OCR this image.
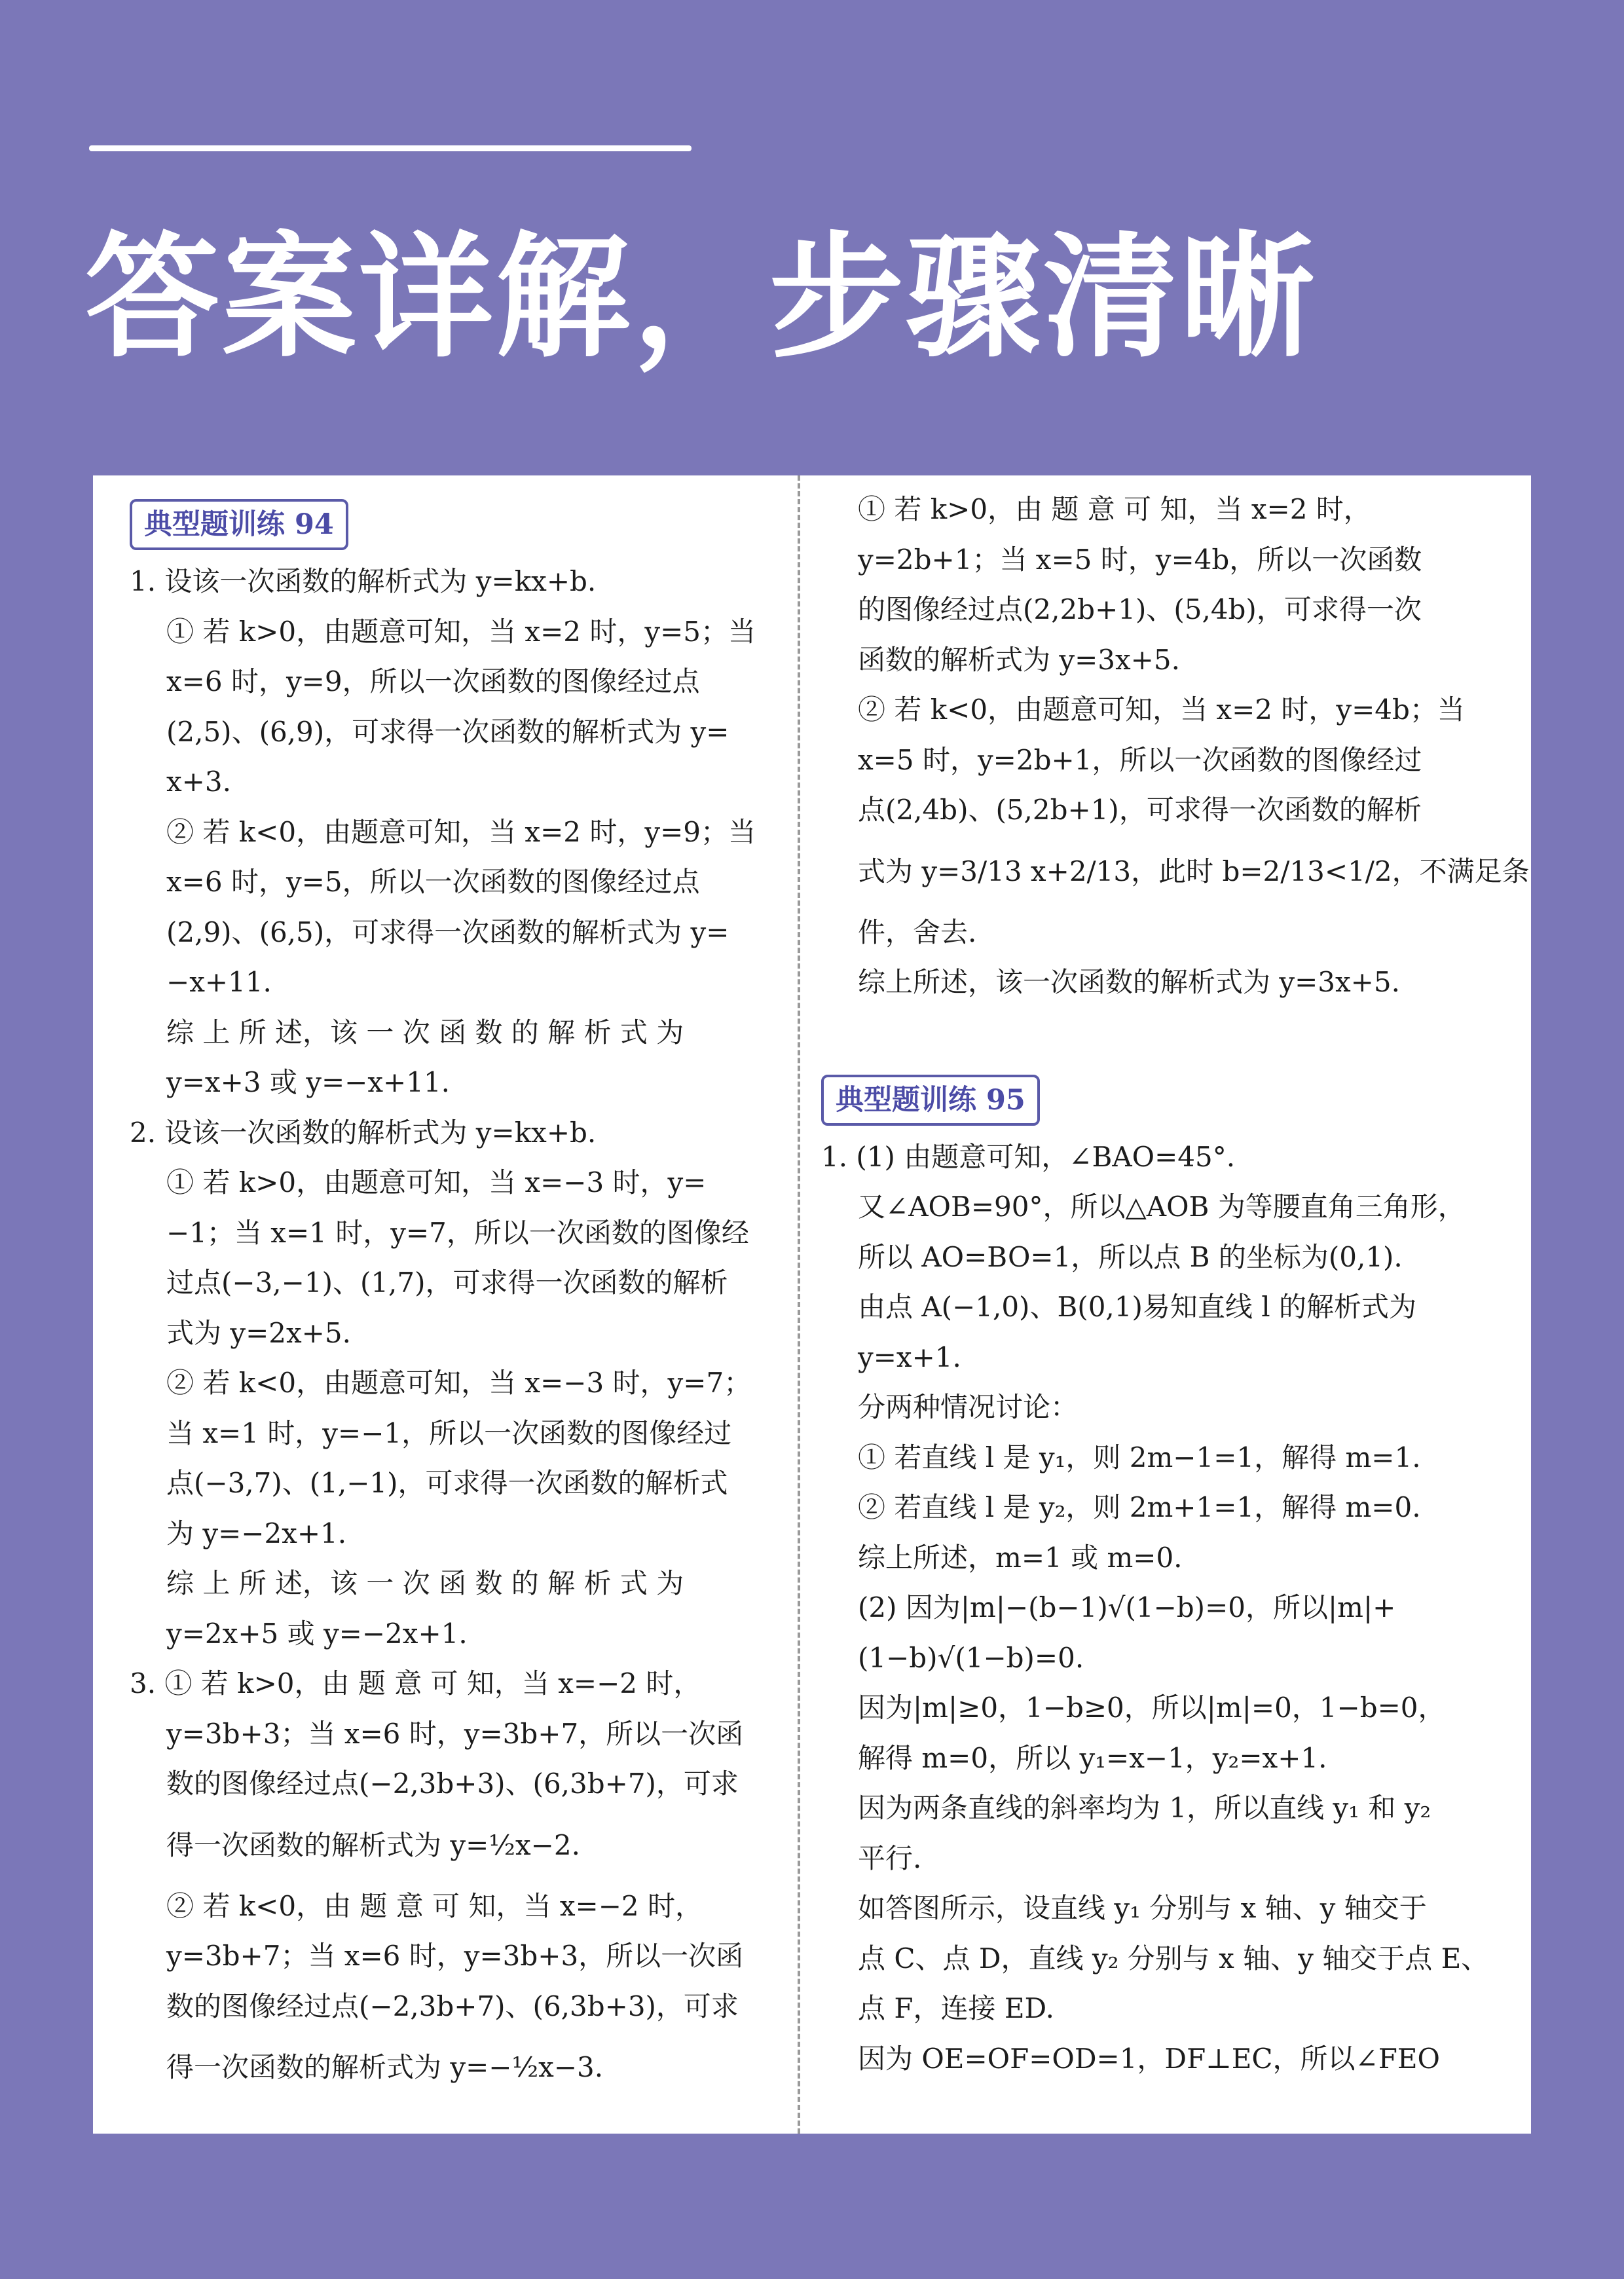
答案详解，步骤清晰
典型题训练 94

1. 设该一次函数的解析式为 y=kx+b.

① 若 k>0，由题意可知，当 x=2 时，y=5；当

x=6 时，y=9，所以一次函数的图像经过点

(2,5)、(6,9)，可求得一次函数的解析式为 y=

x+3.

② 若 k<0，由题意可知，当 x=2 时，y=9；当

x=6 时，y=5，所以一次函数的图像经过点

(2,9)、(6,5)，可求得一次函数的解析式为 y=

−x+11.

综 上 所 述，该 一 次 函 数 的 解 析 式 为

y=x+3 或 y=−x+11.

2. 设该一次函数的解析式为 y=kx+b.

① 若 k>0，由题意可知，当 x=−3 时，y=

−1；当 x=1 时，y=7，所以一次函数的图像经

过点(−3,−1)、(1,7)，可求得一次函数的解析

式为 y=2x+5.

② 若 k<0，由题意可知，当 x=−3 时，y=7；

当 x=1 时，y=−1，所以一次函数的图像经过

点(−3,7)、(1,−1)，可求得一次函数的解析式

为 y=−2x+1.

综 上 所 述，该 一 次 函 数 的 解 析 式 为

y=2x+5 或 y=−2x+1.

3. ① 若 k>0，由 题 意 可 知，当 x=−2 时，

y=3b+3；当 x=6 时，y=3b+7，所以一次函

数的图像经过点(−2,3b+3)、(6,3b+7)，可求

得一次函数的解析式为 y=½x−2.

② 若 k<0，由 题 意 可 知，当 x=−2 时，

y=3b+7；当 x=6 时，y=3b+3，所以一次函

数的图像经过点(−2,3b+7)、(6,3b+3)，可求

得一次函数的解析式为 y=−½x−3.

① 若 k>0，由 题 意 可 知，当 x=2 时，

y=2b+1；当 x=5 时，y=4b，所以一次函数

的图像经过点(2,2b+1)、(5,4b)，可求得一次

函数的解析式为 y=3x+5.

② 若 k<0，由题意可知，当 x=2 时，y=4b；当

x=5 时，y=2b+1，所以一次函数的图像经过

点(2,4b)、(5,2b+1)，可求得一次函数的解析

式为 y=3/13 x+2/13，此时 b=2/13<1/2，不满足条

件，舍去.

综上所述，该一次函数的解析式为 y=3x+5.

典型题训练 95

1. (1) 由题意可知，∠BAO=45°.

又∠AOB=90°，所以△AOB 为等腰直角三角形，

所以 AO=BO=1，所以点 B 的坐标为(0,1).

由点 A(−1,0)、B(0,1)易知直线 l 的解析式为

y=x+1.

分两种情况讨论：

① 若直线 l 是 y₁，则 2m−1=1，解得 m=1.

② 若直线 l 是 y₂，则 2m+1=1，解得 m=0.

综上所述，m=1 或 m=0.

(2) 因为|m|−(b−1)√(1−b)=0，所以|m|+

(1−b)√(1−b)=0.

因为|m|≥0，1−b≥0，所以|m|=0，1−b=0，

解得 m=0，所以 y₁=x−1，y₂=x+1.

因为两条直线的斜率均为 1，所以直线 y₁ 和 y₂

平行.

如答图所示，设直线 y₁ 分别与 x 轴、y 轴交于

点 C、点 D，直线 y₂ 分别与 x 轴、y 轴交于点 E、

点 F，连接 ED.

因为 OE=OF=OD=1，DF⊥EC，所以∠FEO
